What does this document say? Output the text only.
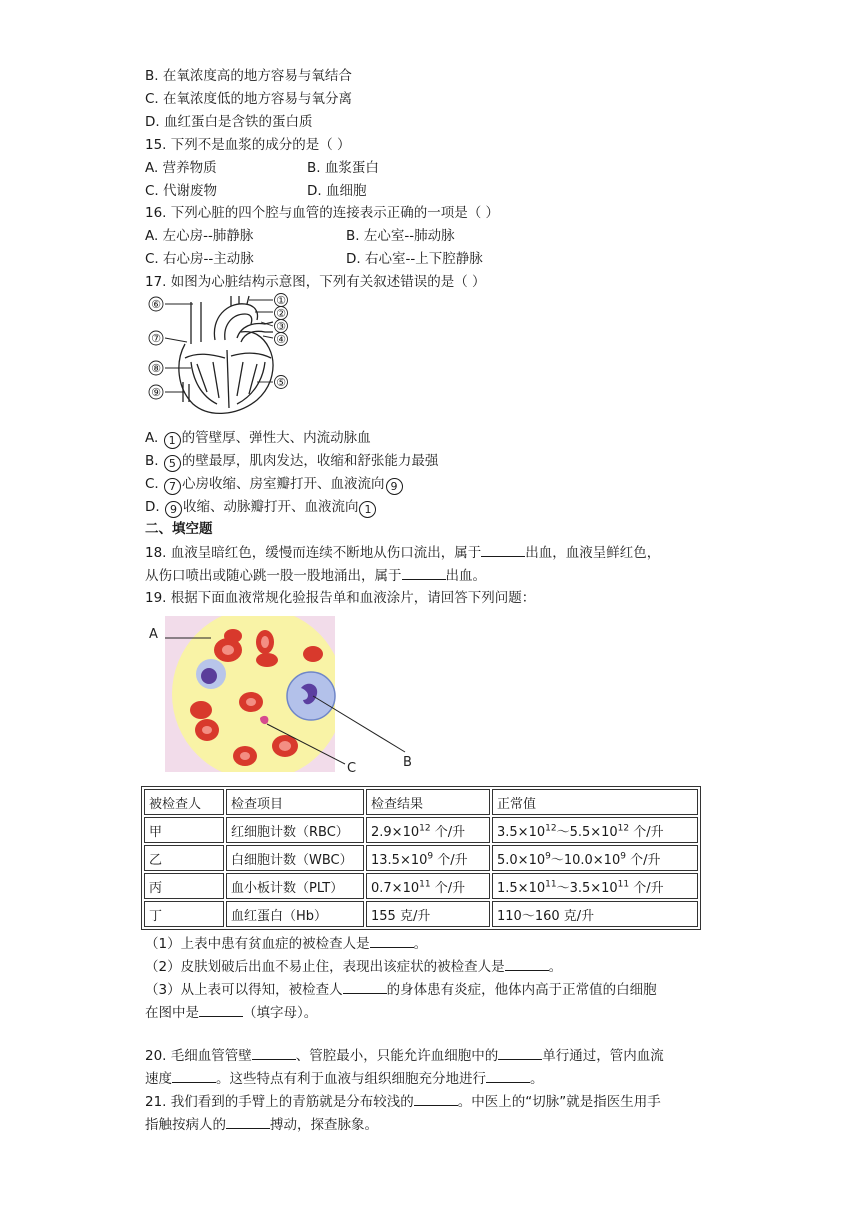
B. 在氧浓度高的地方容易与氧结合
C. 在氧浓度低的地方容易与氧分离
D. 血红蛋白是含铁的蛋白质
15. 下列不是血浆的成分的是（ ）
A. 营养物质	B. 血浆蛋白
C. 代谢废物	D. 血细胞
16. 下列心脏的四个腔与血管的连接表示正确的一项是（ ）
A. 左心房--肺静脉	B. 左心室--肺动脉
C. 右心房--主动脉	D. 右心室--上下腔静脉
17. 如图为心脏结构示意图，下列有关叙述错误的是（ ）
⑥
⑦
⑧
⑨
①
②
③
④
⑤
A. 1 的管壁厚、弹性大、内流动脉血
B. 5 的壁最厚，肌肉发达，收缩和舒张能力最强
C. 7 心房收缩、房室瓣打开、血液流向 9
D. 9 收缩、动脉瓣打开、血液流向 1
二、填空题
18. 血液呈暗红色，缓慢而连续不断地从伤口流出，属于	出血，血液呈鲜红色，
从伤口喷出或随心跳一股一股地涌出，属于	出血。
19. 根据下面血液常规化验报告单和血液涂片，请回答下列问题：
A
B
C
被检查人	检查项目	检查结果	正常值
甲	红细胞计数（RBC）	$2.9\times 10^{12}$ 个/升	$3.5\times 10^{12}\sim 5.5\times 10^{12}$ 个/升
乙	白细胞计数（WBC）	$13.5\times 10^9$ 个/升	$5.0\times 10^9\sim 10.0\times 10^9$ 个/升
丙	血小板计数（PLT）	$0.7\times 10^{11}$ 个/升	$1.5\times 10^{11}\sim 3.5\times 10^{11}$ 个/升
丁	血红蛋白（Hb）	155 克/升	110～160 克/升
（1）上表中患有贫血症的被检查人是	。
（2）皮肤划破后出血不易止住，表现出该症状的被检查人是	。
（3）从上表可以得知，被检查人	的身体患有炎症，他体内高于正常值的白细胞
在图中是	（填字母）。
20. 毛细血管管壁	、管腔最小，只能允许血细胞中的	单行通过，管内血流
速度	。这些特点有利于血液与组织细胞充分地进行	。
21. 我们看到的手臂上的青筋就是分布较浅的	。中医上的“切脉”就是指医生用手
指触按病人的	搏动，探查脉象。
